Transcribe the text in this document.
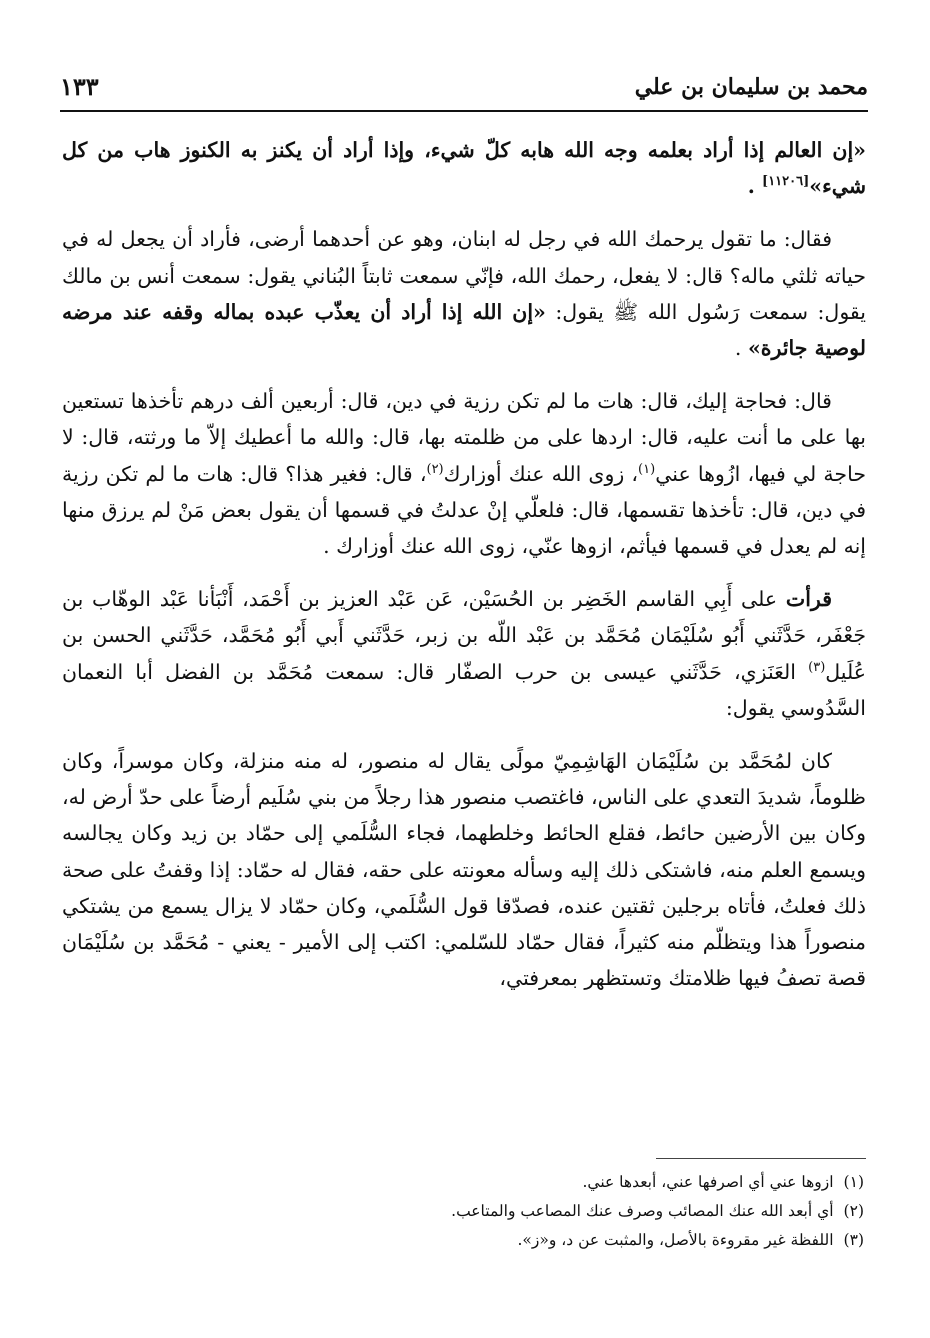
محمد بن سليمان بن علي
١٣٣

«إن العالم إذا أراد بعلمه وجه الله هابه كلّ شيء، وإذا أراد أن يكنز به الكنوز هاب من كل شيء»[١١٢٠٦] .

فقال: ما تقول يرحمك الله في رجل له ابنان، وهو عن أحدهما أرضى، فأراد أن يجعل له في حياته ثلثي ماله؟ قال: لا يفعل، رحمك الله، فإنّي سمعت ثابتاً البُناني يقول: سمعت أنس بن مالك يقول: سمعت رَسُول الله ﷺ يقول: «إن الله إذا أراد أن يعذّب عبده بماله وقفه عند مرضه لوصية جائرة» .

قال: فحاجة إليك، قال: هات ما لم تكن رزية في دين، قال: أربعين ألف درهم تأخذها تستعين بها على ما أنت عليه، قال: اردها على من ظلمته بها، قال: والله ما أعطيك إلاّ ما ورثته، قال: لا حاجة لي فيها، ازُوها عني$^{(١)}$، زوى الله عنك أوزارك$^{(٢)}$، قال: فغير هذا؟ قال: هات ما لم تكن رزية في دين، قال: تأخذها تقسمها، قال: فلعلّي إنْ عدلتُ في قسمها أن يقول بعض مَنْ لم يرزق منها إنه لم يعدل في قسمها فيأثم، ازوها عنّي، زوى الله عنك أوزارك .

قرأت على أَبِي القاسم الخَضِر بن الحُسَيْن، عَن عَبْد العزيز بن أَحْمَد، أَنْبَأنا عَبْد الوهّاب بن جَعْفَر، حَدَّثَني أَبُو سُلَيْمَان مُحَمَّد بن عَبْد اللّه بن زبر، حَدَّثَني أَبي أَبُو مُحَمَّد، حَدَّثَني الحسن بن عُلَيل$^{(٣)}$ العَنَزي، حَدَّثَني عيسى بن حرب الصفّار قال: سمعت مُحَمَّد بن الفضل أبا النعمان السَّدُوسي يقول:

كان لمُحَمَّد بن سُلَيْمَان الهَاشِمِيّ مولًى يقال له منصور، له منه منزلة، وكان موسراً، وكان ظلوماً، شديدَ التعدي على الناس، فاغتصب منصور هذا رجلاً من بني سُلَيم أرضاً على حدّ أرض له، وكان بين الأرضين حائط، فقلع الحائط وخلطهما، فجاء السُّلَمي إلى حمّاد بن زيد وكان يجالسه ويسمع العلم منه، فاشتكى ذلك إليه وسأله معونته على حقه، فقال له حمّاد: إذا وقفتُ على صحة ذلك فعلتُ، فأتاه برجلين ثقتين عنده، فصدّقا قول السُّلَمي، وكان حمّاد لا يزال يسمع من يشتكي منصوراً هذا ويتظلّم منه كثيراً، فقال حمّاد للسّلمي: اكتب إلى الأمير - يعني - مُحَمَّد بن سُلَيْمَان قصة تصفُ فيها ظلامتك وتستظهر بمعرفتي،

(١)ازوها عني أي اصرفها عني، أبعدها عني.
(٢)أي أبعد الله عنك المصائب وصرف عنك المصاعب والمتاعب.
(٣)اللفظة غير مقروءة بالأصل، والمثبت عن د، و«ز».
